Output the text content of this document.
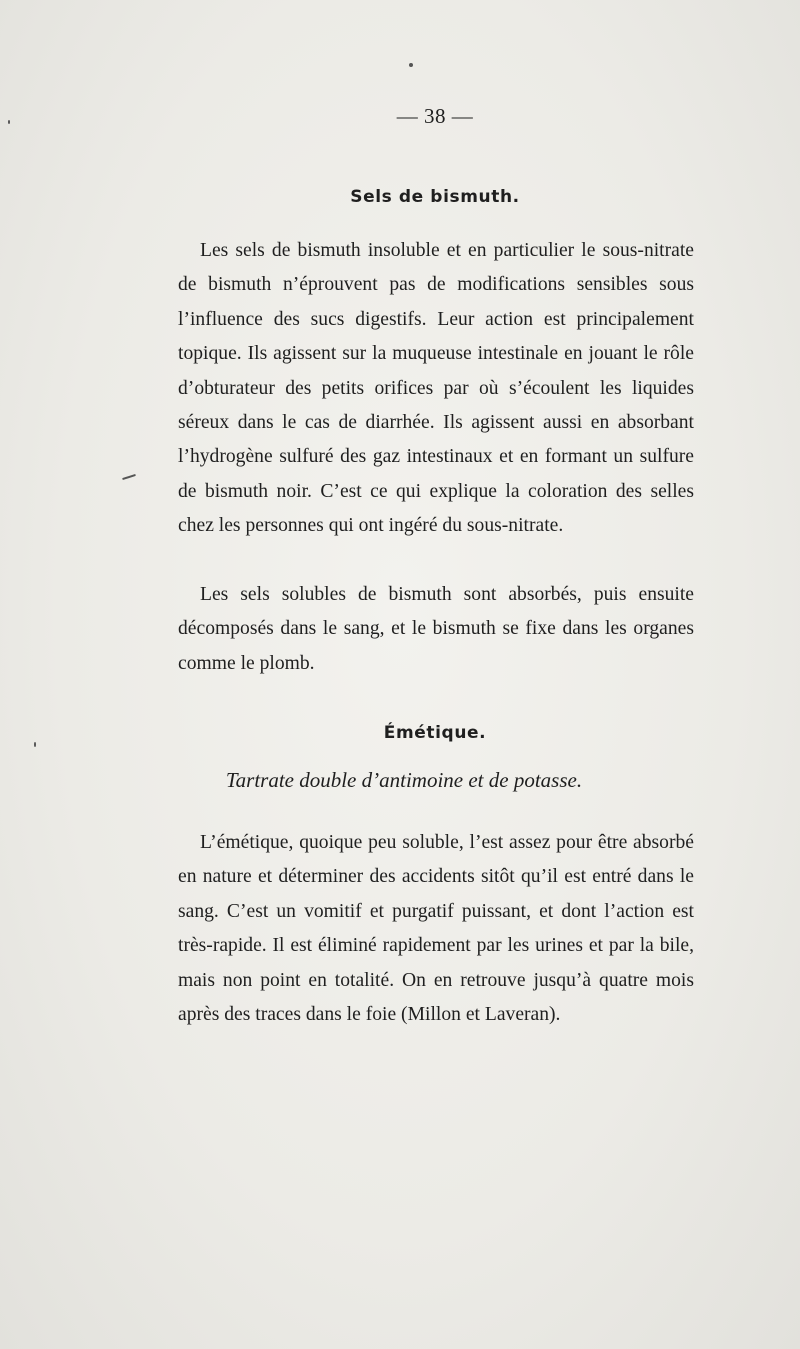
— 38 —
Sels de bismuth.

Les sels de bismuth insoluble et en particulier le sous-nitrate de bismuth n’éprouvent pas de modifications sensibles sous l’influence des sucs digestifs. Leur action est principalement topique. Ils agissent sur la muqueuse intestinale en jouant le rôle d’obturateur des petits orifices par où s’écoulent les liquides séreux dans le cas de diarrhée. Ils agissent aussi en absorbant l’hydrogène sulfuré des gaz intestinaux et en formant un sulfure de bismuth noir. C’est ce qui explique la coloration des selles chez les personnes qui ont ingéré du sous-nitrate.

Les sels solubles de bismuth sont absorbés, puis ensuite décomposés dans le sang, et le bismuth se fixe dans les organes comme le plomb.

Émétique.
Tartrate double d’antimoine et de potasse.

L’émétique, quoique peu soluble, l’est assez pour être absorbé en nature et déterminer des accidents sitôt qu’il est entré dans le sang. C’est un vomitif et purgatif puissant, et dont l’action est très-rapide. Il est éliminé rapidement par les urines et par la bile, mais non point en totalité. On en retrouve jusqu’à quatre mois après des traces dans le foie (Millon et Laveran).
